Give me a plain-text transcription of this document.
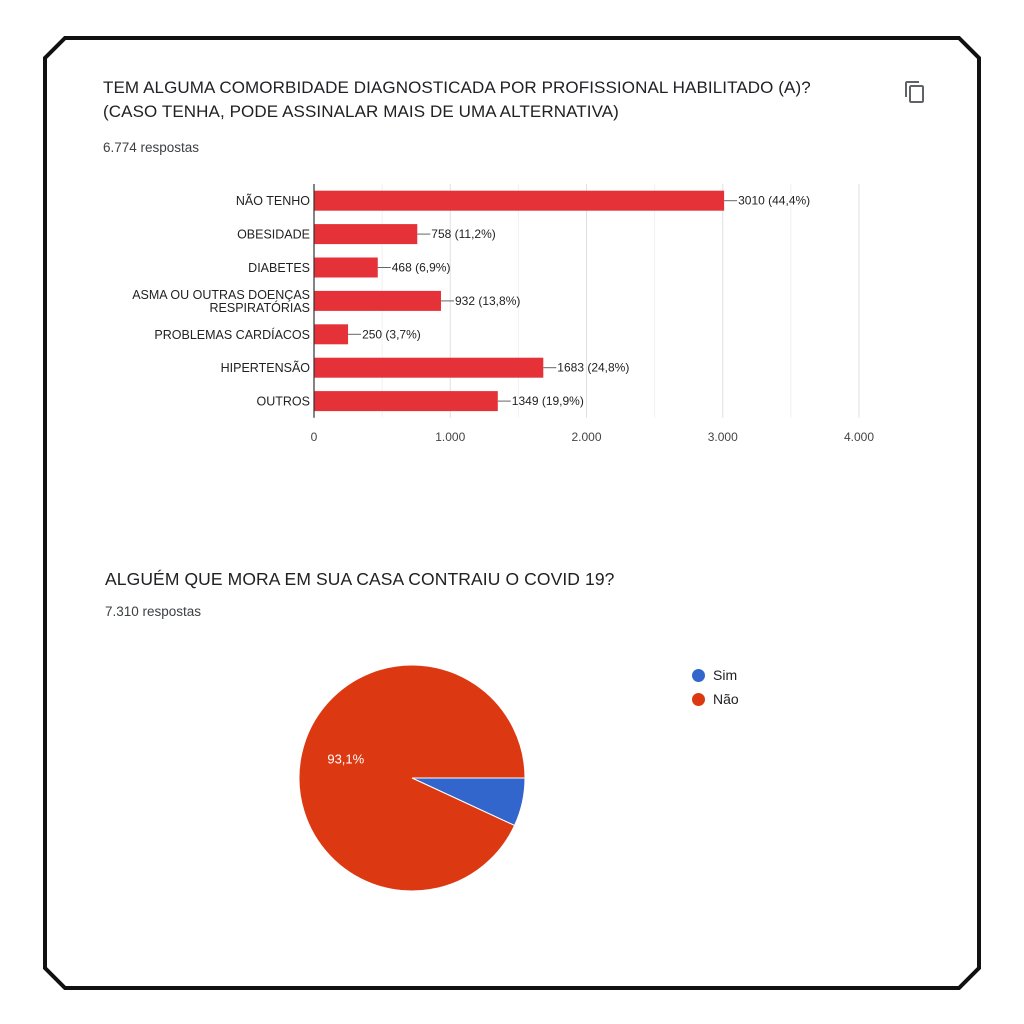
TEM ALGUMA COMORBIDADE DIAGNOSTICADA POR PROFISSIONAL HABILITADO (A)?
(CASO TENHA, PODE ASSINALAR MAIS DE UMA ALTERNATIVA)
6.774 respostas
NÃO TENHO	3010 (44,4%)
OBESIDADE	758 (11,2%)
DIABETES	468 (6,9%)
ASMA OU OUTRAS DOENÇAS
RESPIRATÓRIAS	932 (13,8%)
PROBLEMAS CARDÍACOS	250 (3,7%)
HIPERTENSÃO	1683 (24,8%)
OUTROS	1349 (19,9%)
0	1.000	2.000	3.000	4.000
ALGUÉM QUE MORA EM SUA CASA CONTRAIU O COVID 19?
7.310 respostas
93,1%
Sim
Não
